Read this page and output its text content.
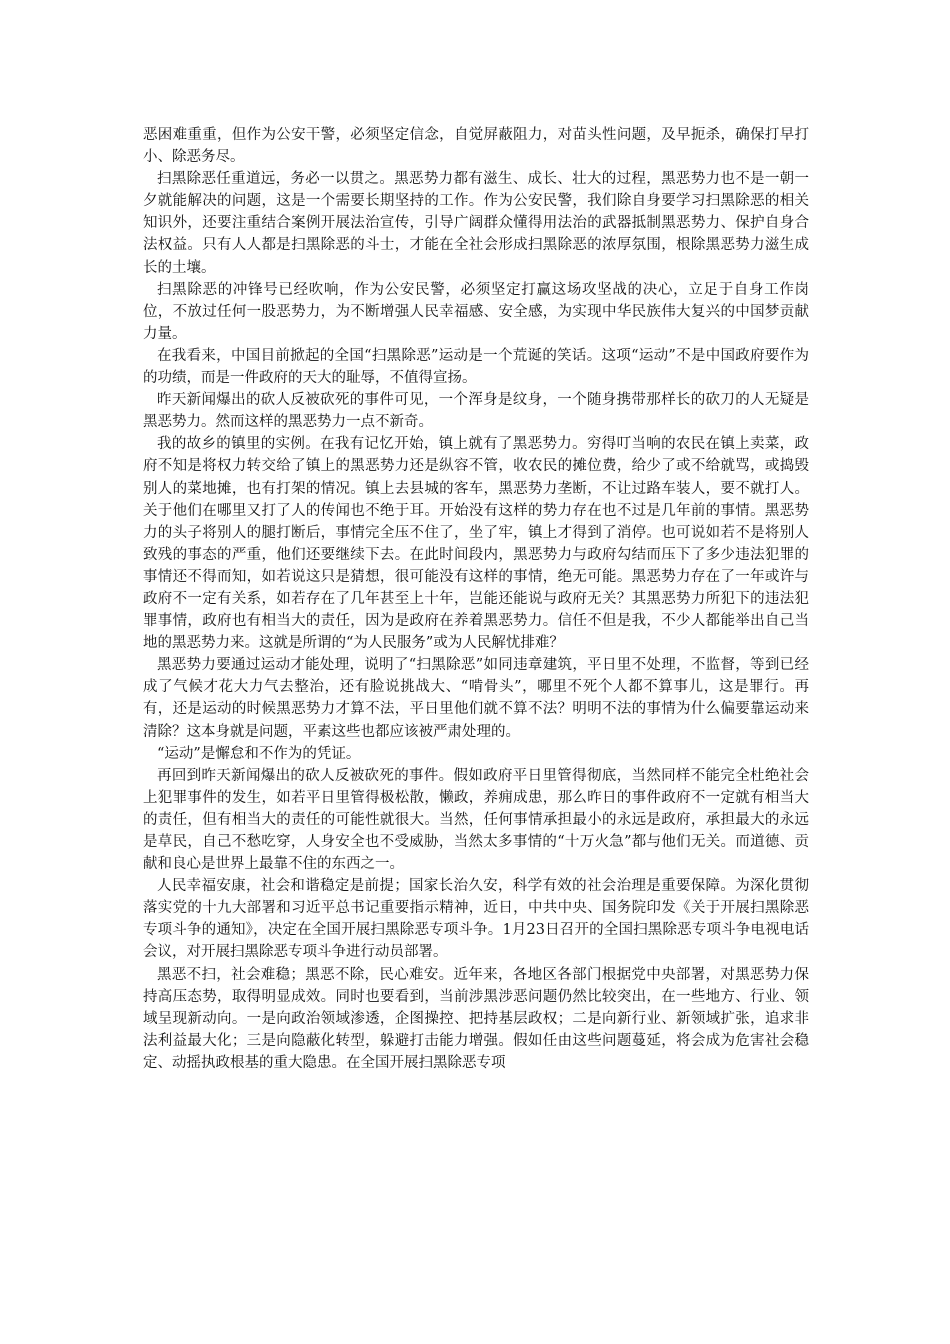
恶困难重重，但作为公安干警，必须坚定信念，自觉屏蔽阻力，对苗头性问题，及早扼杀，确保打早打小、除恶务尽。

扫黑除恶任重道远，务必一以贯之。黑恶势力都有滋生、成长、壮大的过程，黑恶势力也不是一朝一夕就能解决的问题，这是一个需要长期坚持的工作。作为公安民警，我们除自身要学习扫黑除恶的相关知识外，还要注重结合案例开展法治宣传，引导广阔群众懂得用法治的武器抵制黑恶势力、保护自身合法权益。只有人人都是扫黑除恶的斗士，才能在全社会形成扫黑除恶的浓厚氛围，根除黑恶势力滋生成长的土壤。

扫黑除恶的冲锋号已经吹响，作为公安民警，必须坚定打赢这场攻坚战的决心，立足于自身工作岗位，不放过任何一股恶势力，为不断增强人民幸福感、安全感，为实现中华民族伟大复兴的中国梦贡献力量。

在我看来，中国目前掀起的全国“扫黑除恶”运动是一个荒诞的笑话。这项“运动”不是中国政府要作为的功绩，而是一件政府的天大的耻辱，不值得宣扬。

昨天新闻爆出的砍人反被砍死的事件可见，一个浑身是纹身，一个随身携带那样长的砍刀的人无疑是黑恶势力。然而这样的黑恶势力一点不新奇。

我的故乡的镇里的实例。在我有记忆开始，镇上就有了黑恶势力。穷得叮当响的农民在镇上卖菜，政府不知是将权力转交给了镇上的黑恶势力还是纵容不管，收农民的摊位费，给少了或不给就骂，或捣毁别人的菜地摊，也有打架的情况。镇上去县城的客车，黑恶势力垄断，不让过路车装人，要不就打人。关于他们在哪里又打了人的传闻也不绝于耳。开始没有这样的势力存在也不过是几年前的事情。黑恶势力的头子将别人的腿打断后，事情完全压不住了，坐了牢，镇上才得到了消停。也可说如若不是将别人致残的事态的严重，他们还要继续下去。在此时间段内，黑恶势力与政府勾结而压下了多少违法犯罪的事情还不得而知，如若说这只是猜想，很可能没有这样的事情，绝无可能。黑恶势力存在了一年或许与政府不一定有关系，如若存在了几年甚至上十年，岂能还能说与政府无关？其黑恶势力所犯下的违法犯罪事情，政府也有相当大的责任，因为是政府在养着黑恶势力。信任不但是我，不少人都能举出自己当地的黑恶势力来。这就是所谓的“为人民服务”或为人民解忧排难？

黑恶势力要通过运动才能处理，说明了“扫黑除恶”如同违章建筑，平日里不处理，不监督，等到已经成了气候才花大力气去整治，还有脸说挑战大、“啃骨头”，哪里不死个人都不算事儿，这是罪行。再有，还是运动的时候黑恶势力才算不法，平日里他们就不算不法？明明不法的事情为什么偏要靠运动来清除？这本身就是问题，平素这些也都应该被严肃处理的。

“运动”是懈怠和不作为的凭证。

再回到昨天新闻爆出的砍人反被砍死的事件。假如政府平日里管得彻底，当然同样不能完全杜绝社会上犯罪事件的发生，如若平日里管得极松散，懒政，养痈成患，那么昨日的事件政府不一定就有相当大的责任，但有相当大的责任的可能性就很大。当然，任何事情承担最小的永远是政府，承担最大的永远是草民，自己不愁吃穿，人身安全也不受威胁，当然太多事情的“十万火急”都与他们无关。而道德、贡献和良心是世界上最靠不住的东西之一。

人民幸福安康，社会和谐稳定是前提；国家长治久安，科学有效的社会治理是重要保障。为深化贯彻落实党的十九大部署和习近平总书记重要指示精神，近日，中共中央、国务院印发《关于开展扫黑除恶专项斗争的通知》，决定在全国开展扫黑除恶专项斗争。1月23日召开的全国扫黑除恶专项斗争电视电话会议，对开展扫黑除恶专项斗争进行动员部署。

黑恶不扫，社会难稳；黑恶不除，民心难安。近年来，各地区各部门根据党中央部署，对黑恶势力保持高压态势，取得明显成效。同时也要看到，当前涉黑涉恶问题仍然比较突出，在一些地方、行业、领域呈现新动向。一是向政治领域渗透，企图操控、把持基层政权；二是向新行业、新领域扩张，追求非法利益最大化；三是向隐蔽化转型，躲避打击能力增强。假如任由这些问题蔓延，将会成为危害社会稳定、动摇执政根基的重大隐患。在全国开展扫黑除恶专项
